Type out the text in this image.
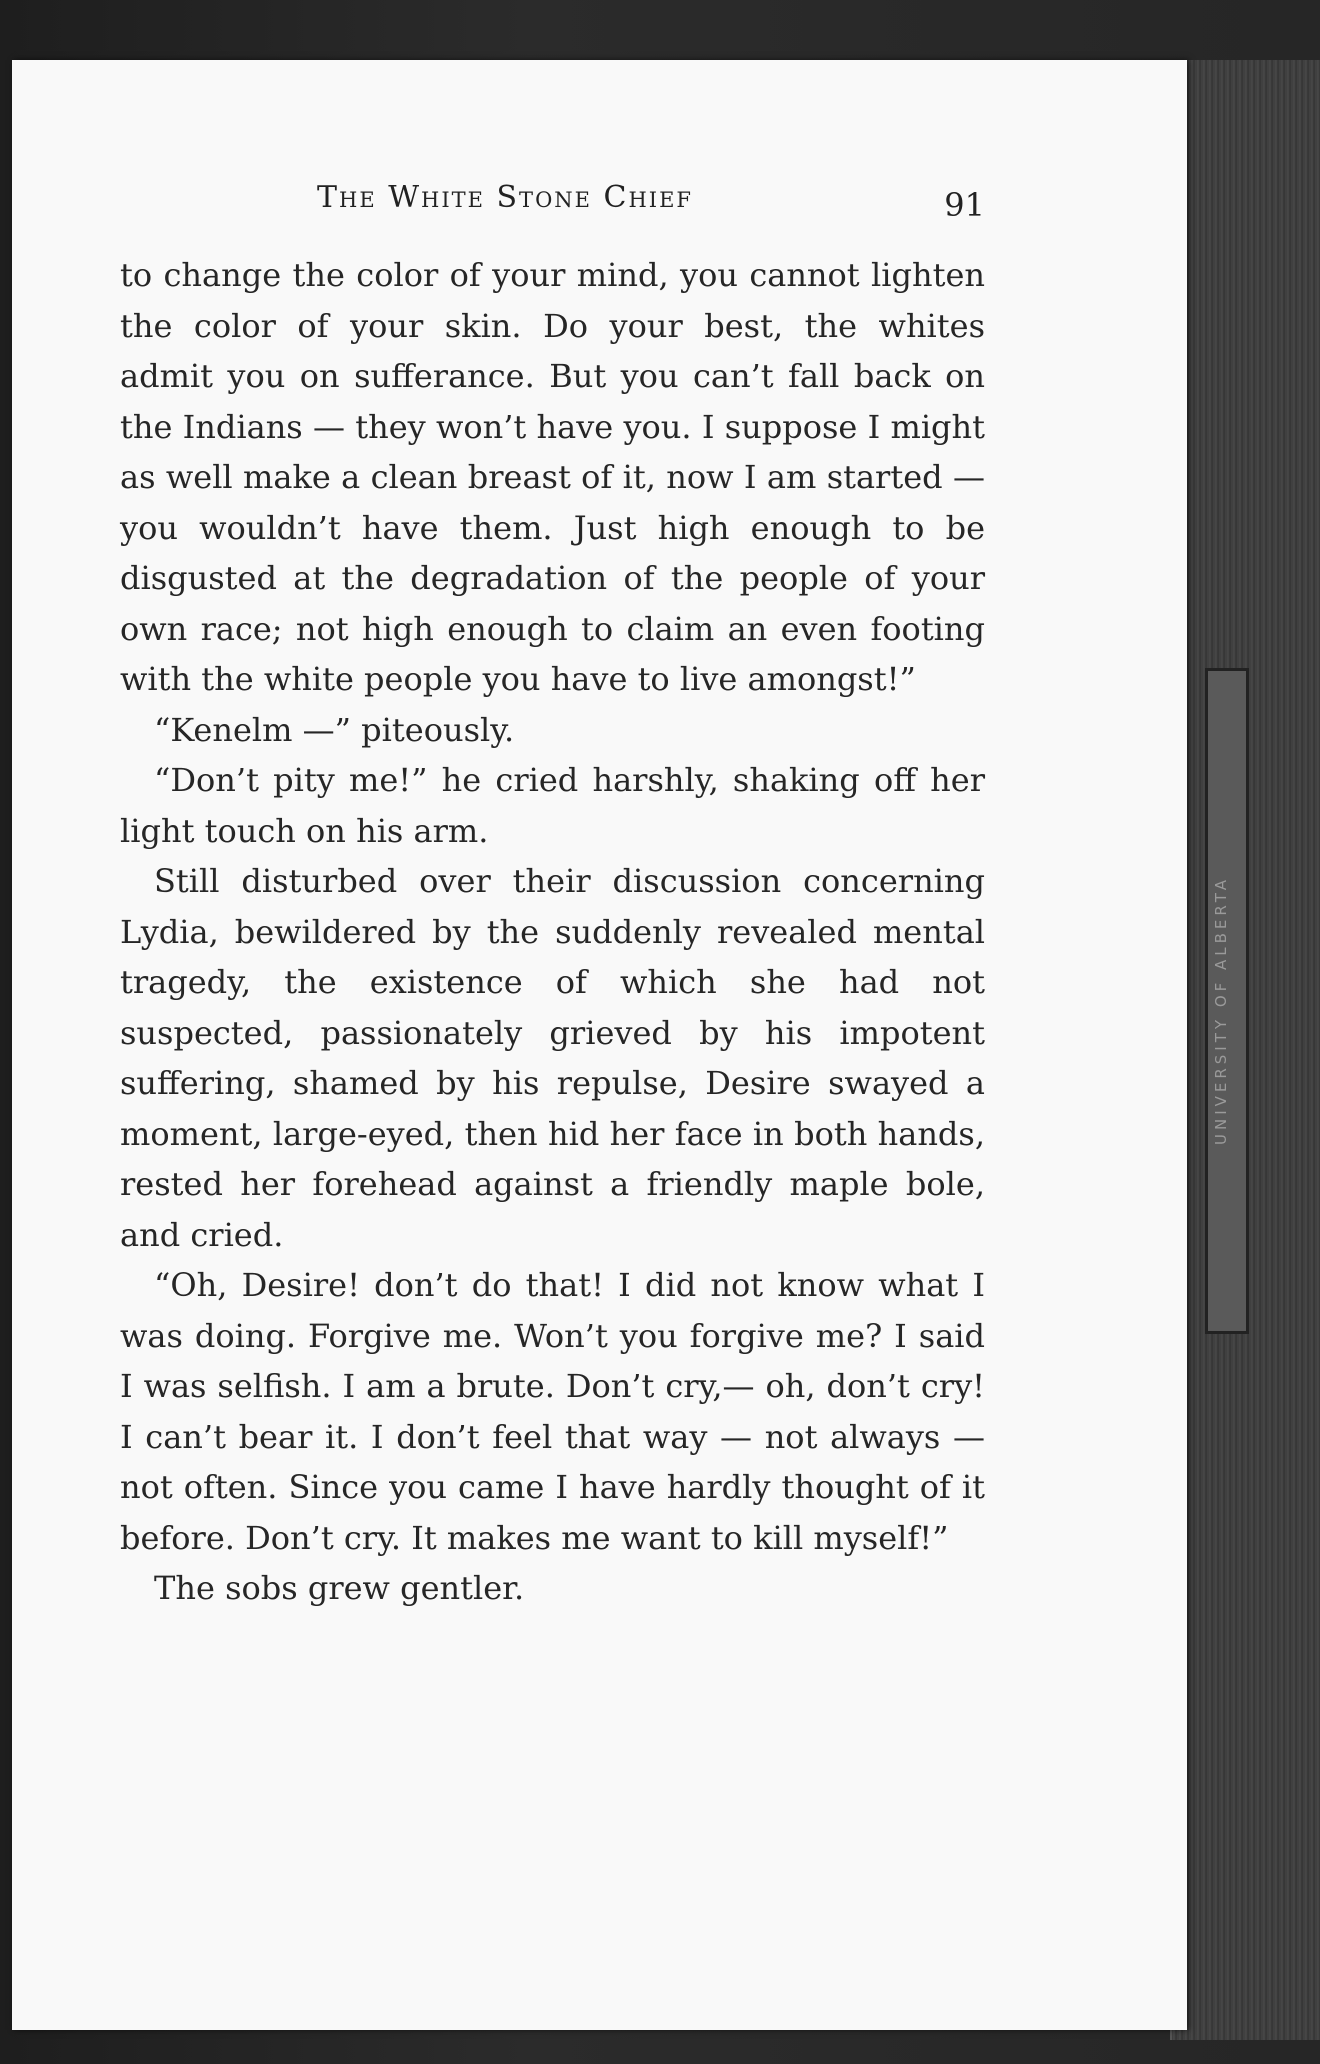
UNIVERSITY OF ALBERTA
The White Stone Chief	91

to change the color of your mind, you cannot lighten the color of your skin. Do your best, the whites admit you on sufferance. But you can’t fall back on the Indians — they won’t have you. I suppose I might as well make a clean breast of it, now I am started — you wouldn’t have them. Just high enough to be disgusted at the degradation of the people of your own race; not high enough to claim an even footing with the white people you have to live amongst!”

“Kenelm —” piteously.

“Don’t pity me!” he cried harshly, shaking off her light touch on his arm.

Still disturbed over their discussion concerning Lydia, bewildered by the suddenly revealed mental tragedy, the existence of which she had not suspected, passionately grieved by his impotent suffering, shamed by his repulse, Desire swayed a moment, large-eyed, then hid her face in both hands, rested her forehead against a friendly maple bole, and cried.

“Oh, Desire! don’t do that! I did not know what I was doing. Forgive me. Won’t you forgive me? I said I was selfish. I am a brute. Don’t cry,— oh, don’t cry! I can’t bear it. I don’t feel that way — not always — not often. Since you came I have hardly thought of it before. Don’t cry. It makes me want to kill myself!”

The sobs grew gentler.
